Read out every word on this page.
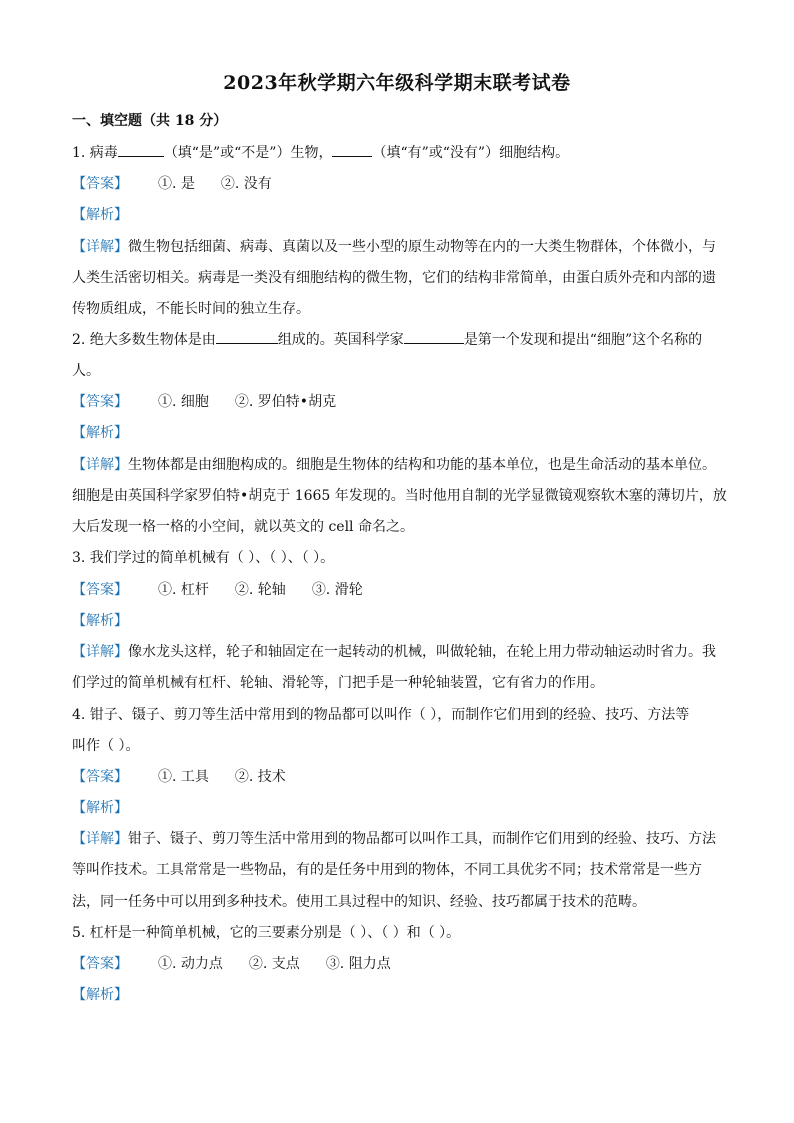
2023年秋学期六年级科学期末联考试卷
一、填空题（共 18 分）
1. 病毒	（填“是”或“不是”）生物，	（填“有”或“没有”）细胞结构。
【答案】	①. 是 ②. 没有
【解析】
【详解】微生物包括细菌、病毒、真菌以及一些小型的原生动物等在内的一大类生物群体，个体微小，与
人类生活密切相关。病毒是一类没有细胞结构的微生物，它们的结构非常简单，由蛋白质外壳和内部的遗
传物质组成，不能长时间的独立生存。
2. 绝大多数生物体是由	组成的。英国科学家	是第一个发现和提出“细胞”这个名称的
人。
【答案】	①. 细胞 ②. 罗伯特•胡克
【解析】
【详解】生物体都是由细胞构成的。细胞是生物体的结构和功能的基本单位，也是生命活动的基本单位。
细胞是由英国科学家罗伯特•胡克于 1665 年发现的。当时他用自制的光学显微镜观察软木塞的薄切片，放
大后发现一格一格的小空间，就以英文的 cell 命名之。
3. 我们学过的简单机械有（ ）、（ ）、（ ）。
【答案】	①. 杠杆 ②. 轮轴 ③. 滑轮
【解析】
【详解】像水龙头这样，轮子和轴固定在一起转动的机械，叫做轮轴，在轮上用力带动轴运动时省力。我
们学过的简单机械有杠杆、轮轴、滑轮等，门把手是一种轮轴装置，它有省力的作用。
4. 钳子、镊子、剪刀等生活中常用到的物品都可以叫作（ ），而制作它们用到的经验、技巧、方法等
叫作（ ）。
【答案】	①. 工具 ②. 技术
【解析】
【详解】钳子、镊子、剪刀等生活中常用到的物品都可以叫作工具，而制作它们用到的经验、技巧、方法
等叫作技术。工具常常是一些物品，有的是任务中用到的物体，不同工具优劣不同；技术常常是一些方
法，同一任务中可以用到多种技术。使用工具过程中的知识、经验、技巧都属于技术的范畴。
5. 杠杆是一种简单机械，它的三要素分别是（ ）、（ ）和（ ）。
【答案】	①. 动力点 ②. 支点 ③. 阻力点
【解析】
